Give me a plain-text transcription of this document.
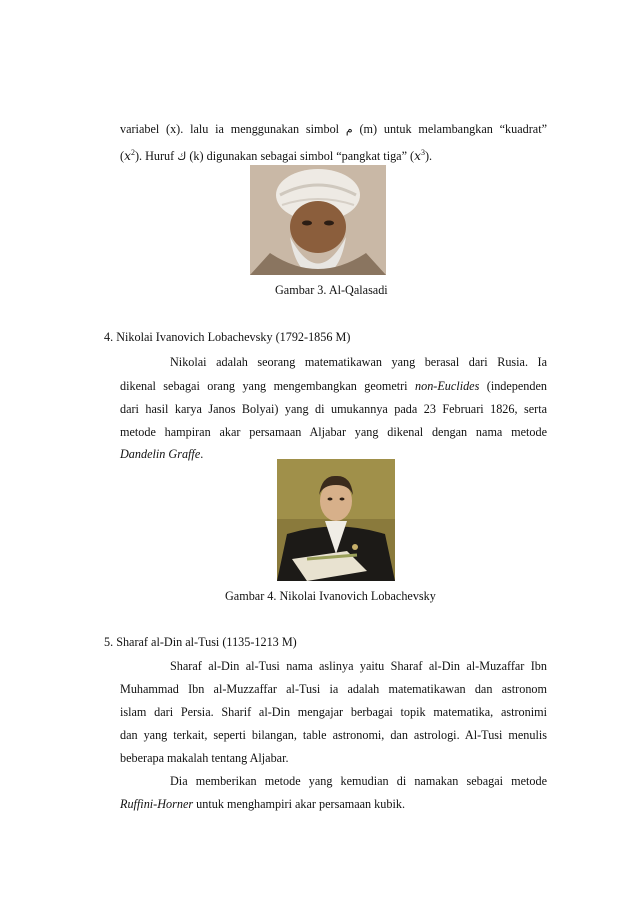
variabel (x). lalu ia menggunakan simbol م (m) untuk melambangkan “kuadrat”
$(x^2)$. Huruf ك (k) digunakan sebagai simbol “pangkat tiga” $(x^3)$.
Gambar 3. Al-Qalasadi
4. Nikolai Ivanovich Lobachevsky (1792-1856 M)
Nikolai adalah seorang matematikawan yang berasal dari Rusia. Ia
dikenal sebagai orang yang mengembangkan geometri non-Euclides (independen
dari hasil karya Janos Bolyai) yang di umukannya pada 23 Februari 1826, serta
metode hampiran akar persamaan Aljabar yang dikenal dengan nama metode
Dandelin Graffe.
Gambar 4. Nikolai Ivanovich Lobachevsky
5. Sharaf al-Din al-Tusi (1135-1213 M)
Sharaf al-Din al-Tusi nama aslinya yaitu Sharaf al-Din al-Muzaffar Ibn
Muhammad Ibn al-Muzzaffar al-Tusi ia adalah matematikawan dan astronom
islam dari Persia. Sharif al-Din mengajar berbagai topik matematika, astronimi
dan yang terkait, seperti bilangan, table astronomi, dan astrologi. Al-Tusi menulis
beberapa makalah tentang Aljabar.
Dia memberikan metode yang kemudian di namakan sebagai metode
Ruffini-Horner untuk menghampiri akar persamaan kubik.
